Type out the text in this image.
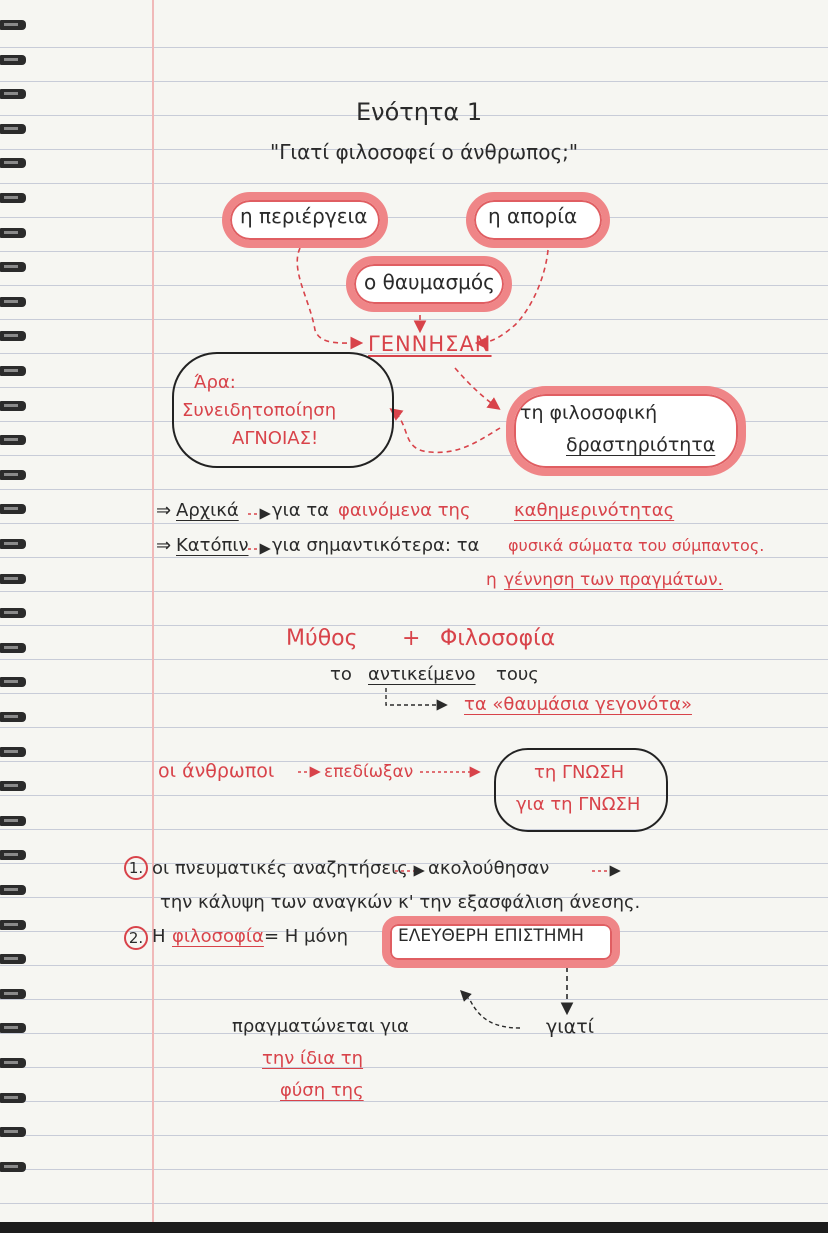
Ενότητα 1
"Γιατί φιλοσοφεί ο άνθρωπος;"
η περιέργεια	η απορία
ο θαυμασμός
ΓΕΝΝΗΣΑΝ
Άρα:
Συνειδητοποίηση
ΑΓΝΟΙΑΣ!
τη φιλοσοφική
δραστηριότητα
⇒ Αρχικά για τα φαινόμενα της καθημερινότητας
⇒ Κατόπιν για σημαντικότερα: τα φυσικά σώματα του σύμπαντος.
η γέννηση των πραγμάτων.
Μύθος + Φιλοσοφία
το αντικείμενο τους
τα «θαυμάσια γεγονότα»
οι άνθρωποι	επεδίωξαν	τη ΓΝΩΣΗ
για τη ΓΝΩΣΗ
1. οι πνευματικές αναζητήσεις ακολούθησαν
την κάλυψη των αναγκών κ' την εξασφάλιση άνεσης.
2. Η φιλοσοφία = Η μόνη	ΕΛΕΥΘΕΡΗ ΕΠΙΣΤΗΜΗ
γιατί
πραγματώνεται για
την ίδια τη
φύση της
